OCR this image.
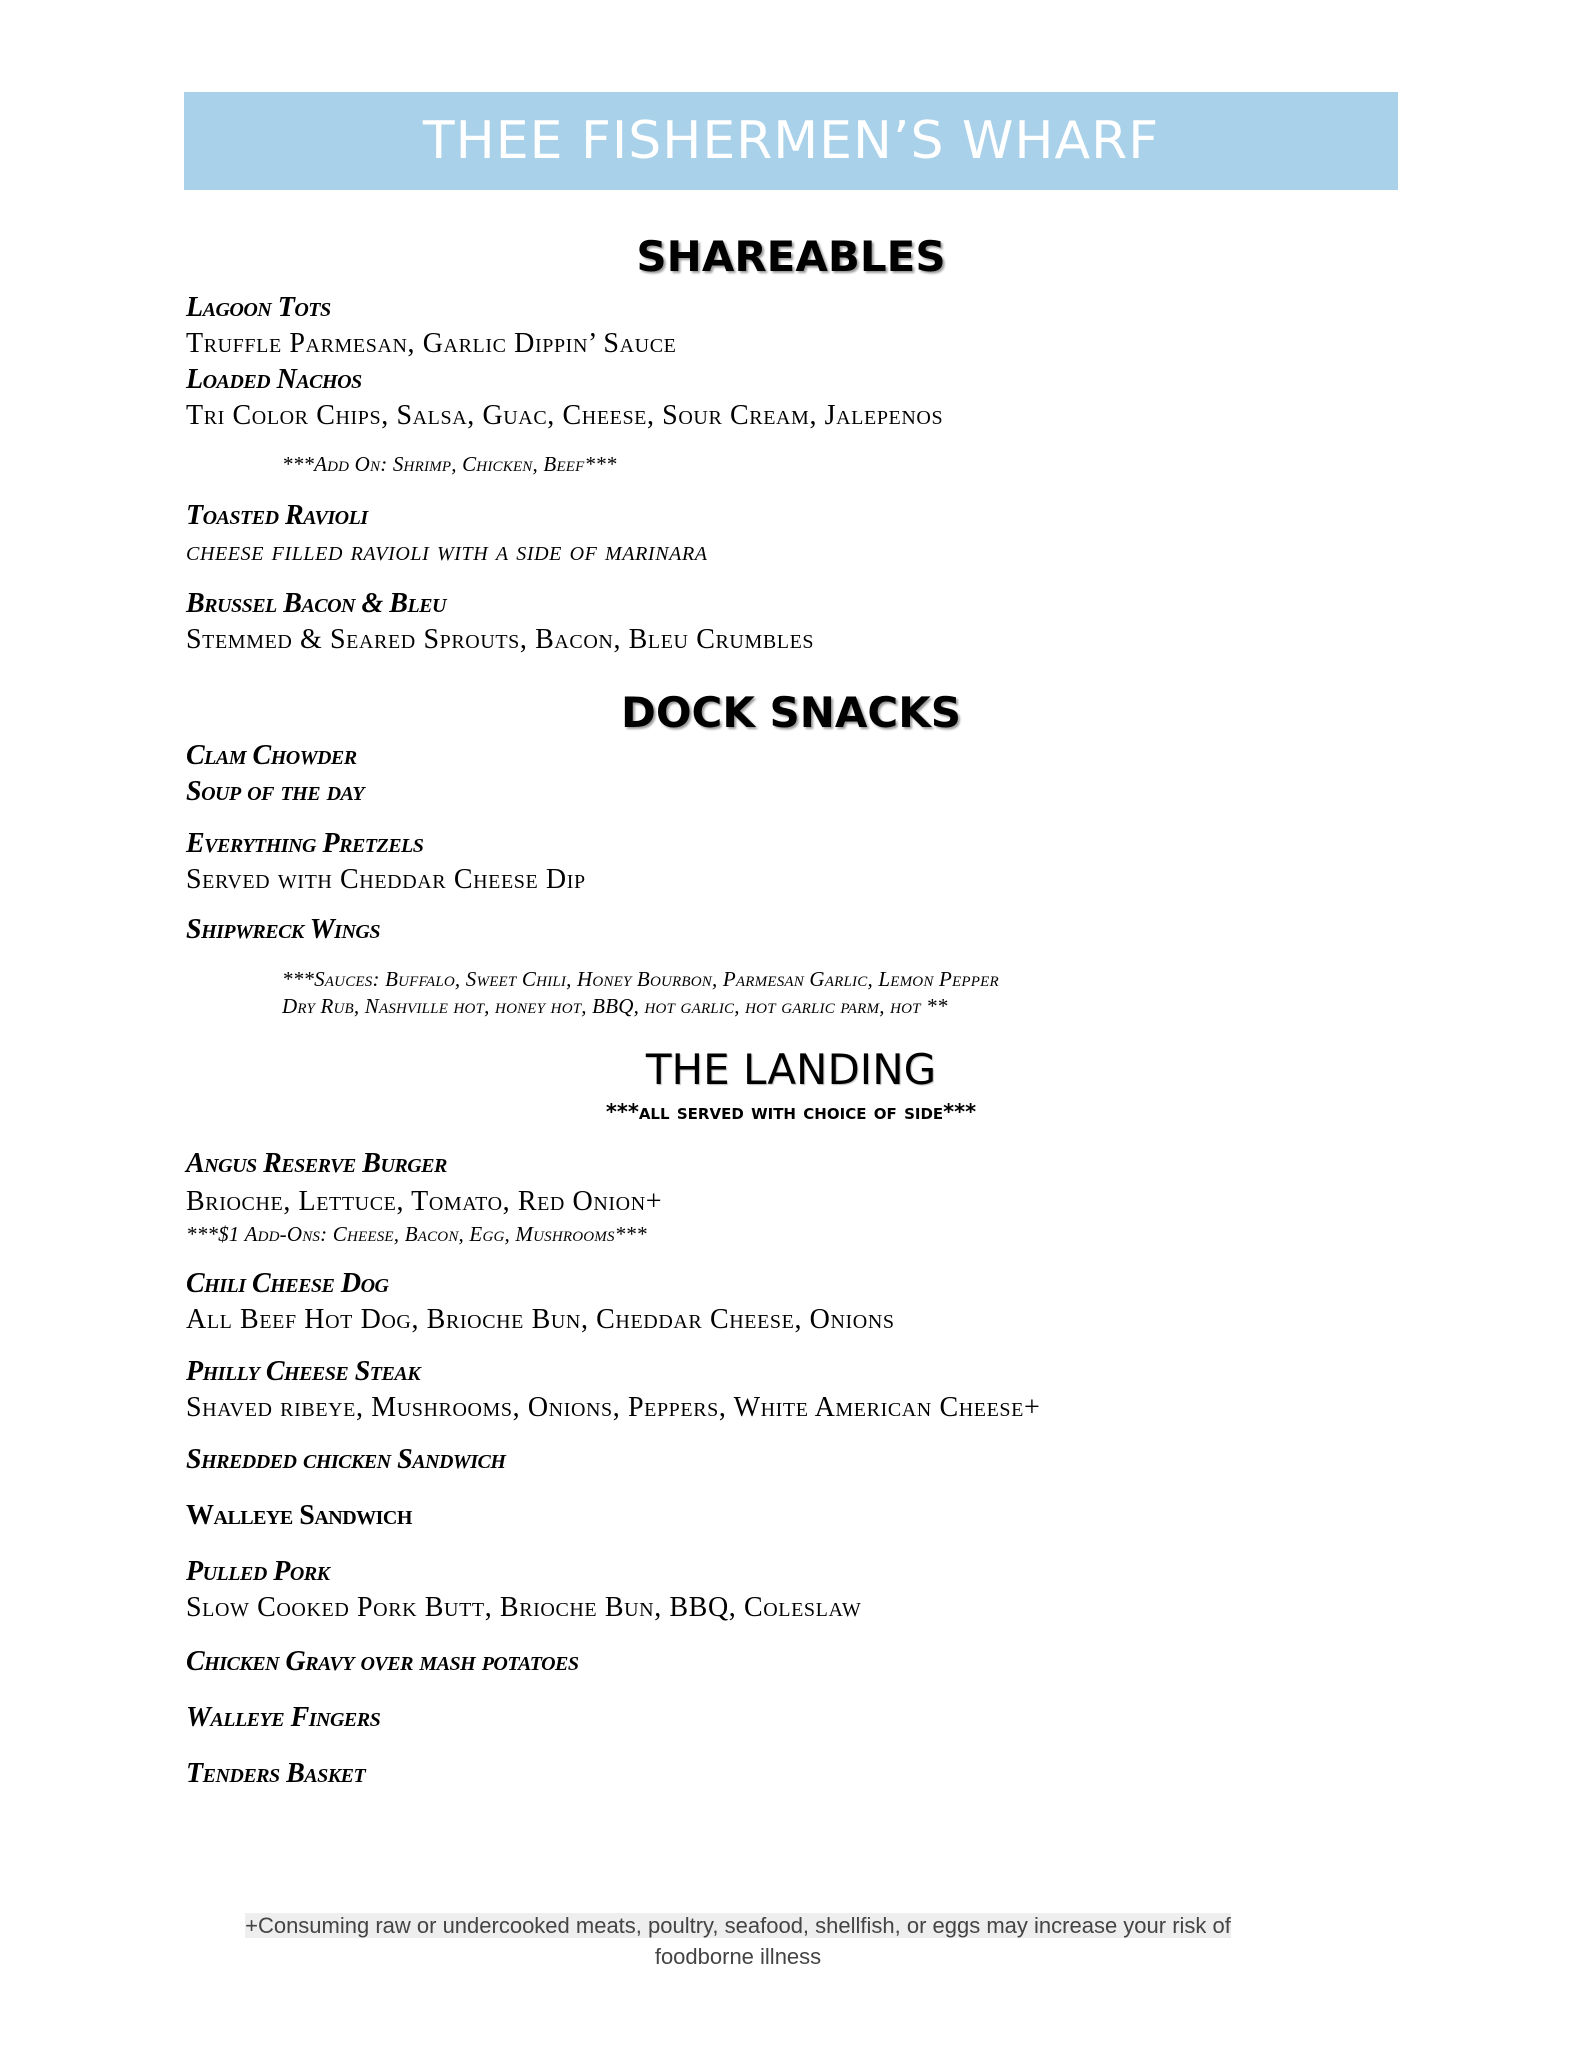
THEE FISHERMEN’S WHARF
SHAREABLES
Lagoon Tots
Truffle Parmesan, Garlic Dippin’ Sauce
Loaded Nachos
Tri Color Chips, Salsa, Guac, Cheese, Sour Cream, Jalepenos
***Add On: Shrimp, Chicken, Beef***
Toasted Ravioli
cheese filled ravioli with a side of marinara
Brussel Bacon & Bleu
Stemmed & Seared Sprouts, Bacon, Bleu Crumbles
DOCK SNACKS
Clam Chowder
Soup of the day
Everything Pretzels
Served with Cheddar Cheese Dip
Shipwreck Wings
***Sauces: Buffalo, Sweet Chili, Honey Bourbon, Parmesan Garlic, Lemon Pepper
Dry Rub, Nashville hot, honey hot, BBQ, hot garlic, hot garlic parm, hot **
THE LANDING
***all served with choice of side***
Angus Reserve Burger
Brioche, Lettuce, Tomato, Red Onion+
***$1 Add-Ons: Cheese, Bacon, Egg, Mushrooms***
Chili Cheese Dog
All Beef Hot Dog, Brioche Bun, Cheddar Cheese, Onions
Philly Cheese Steak
Shaved ribeye, Mushrooms, Onions, Peppers, White American Cheese+
Shredded chicken Sandwich
Walleye Sandwich
Pulled Pork
Slow Cooked Pork Butt, Brioche Bun, BBQ, Coleslaw
Chicken Gravy over mash potatoes
Walleye Fingers
Tenders Basket
+Consuming raw or undercooked meats, poultry, seafood, shellfish, or eggs may increase your risk of
foodborne illness
